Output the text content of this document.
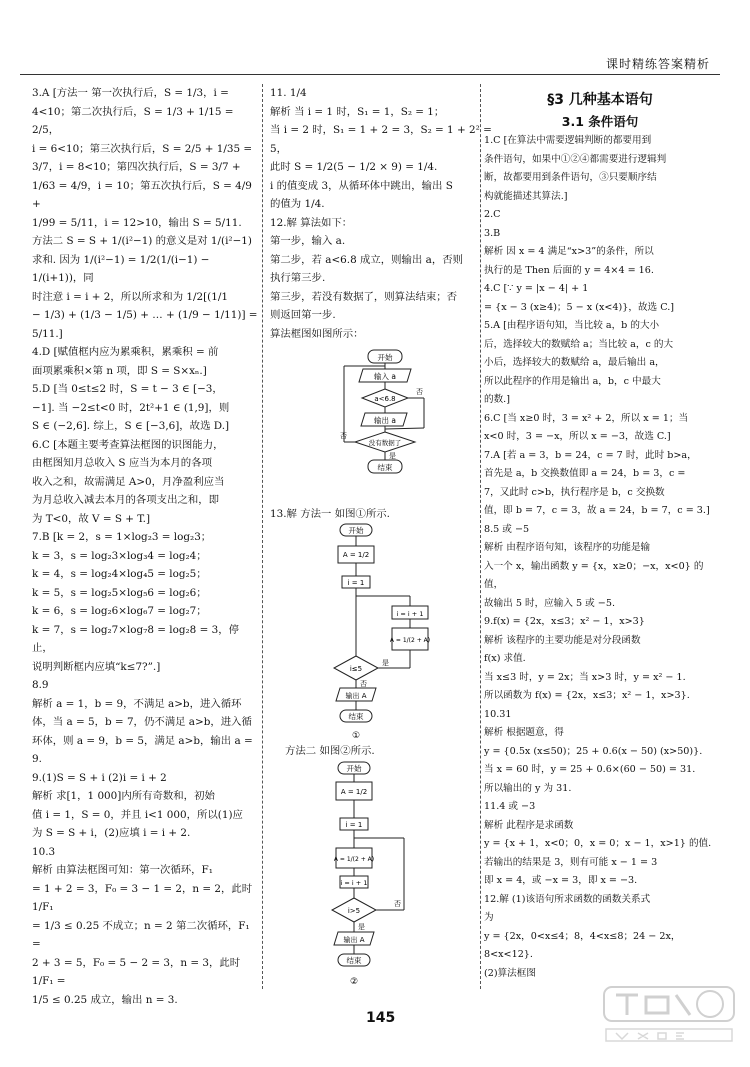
课时精练答案精析

3.A [方法一 第一次执行后，S = 1/3，i =

4<10；第二次执行后，S = 1/3 + 1/15 = 2/5，

i = 6<10；第三次执行后，S = 2/5 + 1/35 =

3/7，i = 8<10；第四次执行后，S = 3/7 +

1/63 = 4/9，i = 10；第五次执行后，S = 4/9 +

1/99 = 5/11，i = 12>10，输出 S = 5/11.

方法二 S = S + 1/(i²−1) 的意义是对 1/(i²−1)

求和. 因为 1/(i²−1) = 1/2(1/(i−1) − 1/(i+1))，同

时注意 i = i + 2，所以所求和为 1/2[(1/1

− 1/3) + (1/3 − 1/5) + … + (1/9 − 1/11)] =

5/11.]

4.D [赋值框内应为累乘积，累乘积 = 前

面项累乘积×第 n 项，即 S = S×xₙ.]

5.D [当 0≤t≤2 时，S = t − 3 ∈ [−3，

−1]. 当 −2≤t<0 时，2t²+1 ∈ (1,9]，则

S ∈ (−2,6]. 综上，S ∈ [−3,6]，故选 D.]

6.C [本题主要考查算法框图的识图能力，

由框图知月总收入 S 应当为本月的各项

收入之和，故需满足 A>0，月净盈利应当

为月总收入减去本月的各项支出之和，即

为 T<0，故 V = S + T.]

7.B [k = 2，s = 1×log₂3 = log₂3；

k = 3，s = log₂3×log₃4 = log₂4；

k = 4，s = log₂4×log₄5 = log₂5；

k = 5，s = log₂5×log₅6 = log₂6；

k = 6，s = log₂6×log₆7 = log₂7；

k = 7，s = log₂7×log₇8 = log₂8 = 3，停止，

说明判断框内应填“k≤7?”.]

8.9

解析 a = 1，b = 9，不满足 a>b，进入循环

体，当 a = 5，b = 7，仍不满足 a>b，进入循

环体，则 a = 9，b = 5，满足 a>b，输出 a =

9.

9.(1)S = S + i (2)i = i + 2

解析 求[1，1 000]内所有奇数和，初始

值 i = 1，S = 0，并且 i<1 000，所以(1)应

为 S = S + i，(2)应填 i = i + 2.

10.3

解析 由算法框图可知：第一次循环，F₁

= 1 + 2 = 3，F₀ = 3 − 1 = 2，n = 2，此时 1/F₁

= 1/3 ≤ 0.25 不成立；n = 2 第二次循环，F₁ =

2 + 3 = 5，F₀ = 5 − 2 = 3，n = 3，此时 1/F₁ =

1/5 ≤ 0.25 成立，输出 n = 3.

11. 1/4

解析 当 i = 1 时，S₁ = 1，S₂ = 1；

当 i = 2 时，S₁ = 1 + 2 = 3，S₂ = 1 + 2² =

5，

此时 S = 1/2(5 − 1/2 × 9) = 1/4.

i 的值变成 3，从循环体中跳出，输出 S

的值为 1/4.

12.解 算法如下：

第一步，输入 a.

第二步，若 a<6.8 成立，则输出 a，否则

执行第三步.

第三步，若没有数据了，则算法结束；否

则返回第一步.

算法框图如图所示：

开始
输入 a
a<6.8
否
输出 a
没有数据了
否
是
结束

13.解 方法一 如图①所示.

开始
A = 1/2
i = 1
i = i + 1
A = 1/(2 + A)
i≤5
是
否
输出 A
结束
①

方法二 如图②所示.

开始
A = 1/2
i = 1
A = 1/(2 + A)
i = i + 1
i>5
否
是
输出 A
结束
②
§3 几种基本语句
3.1 条件语句

1.C [在算法中需要逻辑判断的都要用到

条件语句，如果中①②④都需要进行逻辑判

断，故都要用到条件语句，③只要顺序结

构就能描述其算法.]

2.C

3.B

解析 因 x = 4 满足“x>3”的条件，所以

执行的是 Then 后面的 y = 4×4 = 16.

4.C [∵ y = |x − 4| + 1

= {x − 3 (x≥4)；5 − x (x<4)}，故选 C.]

5.A [由程序语句知，当比较 a，b 的大小

后，选择较大的数赋给 a；当比较 a，c 的大

小后，选择较大的数赋给 a，最后输出 a，

所以此程序的作用是输出 a，b，c 中最大

的数.]

6.C [当 x≥0 时，3 = x² + 2，所以 x = 1；当

x<0 时，3 = −x，所以 x = −3，故选 C.]

7.A [若 a = 3，b = 24，c = 7 时，此时 b>a，

首先是 a，b 交换数值即 a = 24，b = 3，c =

7，又此时 c>b，执行程序是 b，c 交换数

值，即 b = 7，c = 3，故 a = 24，b = 7，c = 3.]

8.5 或 −5

解析 由程序语句知，该程序的功能是输

入一个 x，输出函数 y = {x，x≥0；−x，x<0} 的值，

故输出 5 时，应输入 5 或 −5.

9.f(x) = {2x，x≤3；x² − 1，x>3}

解析 该程序的主要功能是对分段函数

f(x) 求值.

当 x≤3 时，y = 2x；当 x>3 时，y = x² − 1.

所以函数为 f(x) = {2x，x≤3；x² − 1，x>3}.

10.31

解析 根据题意，得

y = {0.5x (x≤50)；25 + 0.6(x − 50) (x>50)}.

当 x = 60 时，y = 25 + 0.6×(60 − 50) = 31.

所以输出的 y 为 31.

11.4 或 −3

解析 此程序是求函数

y = {x + 1，x<0；0，x = 0；x − 1，x>1} 的值.

若输出的结果是 3，则有可能 x − 1 = 3

即 x = 4，或 −x = 3，即 x = −3.

12.解 (1)该语句所求函数的函数关系式

为

y = {2x，0<x≤4；8，4<x≤8；24 − 2x，8<x<12}.

(2)算法框图

145
